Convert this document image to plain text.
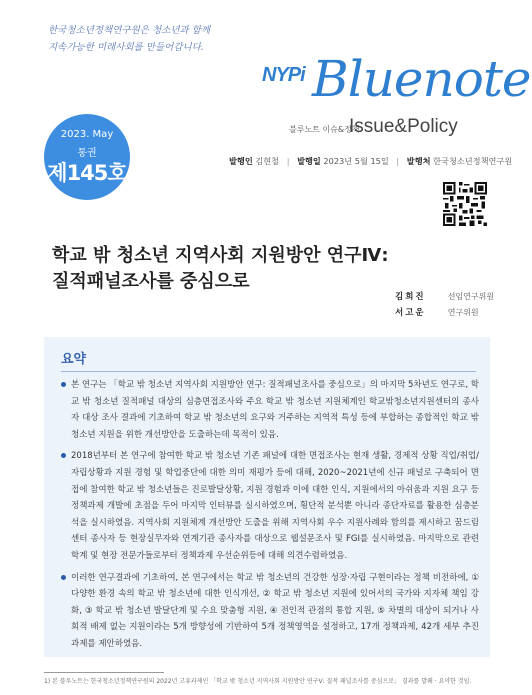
한국청소년정책연구원은 청소년과 함께
지속가능한 미래사회를 만들어갑니다.
NYPi Bluenote
블루노트 이슈&정책
Issue&Policy
2023. May
통권
제145호	발행인 김현철 | 발행일 2023년 5월 15일 | 발행처 한국청소년정책연구원
학교 밖 청소년 지역사회 지원방안 연구Ⅳ:
질적패널조사를 중심으로
김희진	선임연구위원
서고운	연구위원
요약
본 연구는 「학교 밖 청소년 지역사회 지원방안 연구: 질적패널조사를 중심으로」의 마지막 5차년도 연구로, 학교 밖 청소년 질적패널 대상의 심층면접조사와 주요 학교 밖 청소년 지원체계인 학교밖청소년지원센터의 종사자 대상 조사 결과에 기초하여 학교 밖 청소년의 요구와 거주하는 지역적 특성 등에 부합하는 종합적인 학교 밖 청소년 지원을 위한 개선방안을 도출하는데 목적이 있음.
2018년부터 본 연구에 참여한 학교 밖 청소년 기존 패널에 대한 면접조사는 현재 생활, 경제적 상황 직업/취업/자립상황과 지원 경험 및 학업중단에 대한 의미 재평가 등에 대해, 2020~2021년에 신규 패널로 구축되어 면접에 참여한 학교 밖 청소년들은 진로발달상황, 지원 경험과 이에 대한 인식, 지원에서의 아쉬움과 지원 요구 등 정책과제 개발에 초점을 두어 마지막 인터뷰를 실시하였으며, 횡단적 분석뿐 아니라 종단자료를 활용한 심층분석을 실시하였음. 지역사회 지원체계 개선방안 도출을 위해 지역사회 우수 지원사례와 함의를 제시하고 꿈드림센터 종사자 등 현장실무자와 연계기관 종사자를 대상으로 웹설문조사 및 FGI를 실시하였음. 마지막으로 관련 학계 및 현장 전문가들로부터 정책과제 우선순위등에 대해 의견수렴하였음.
이러한 연구결과에 기초하여, 본 연구에서는 학교 밖 청소년의 건강한 성장·자립 구현이라는 정책 비전하에, ① 다양한 환경 속의 학교 밖 청소년에 대한 인식개선, ② 학교 밖 청소년 지원에 있어서의 국가와 지자체 책임 강화, ③ 학교 밖 청소년 발달단계 및 수요 맞춤형 지원, ④ 전인적 관점의 통합 지원, ⑤ 차별의 대상이 되거나 사회적 배제 없는 지원이라는 5개 방향성에 기반하여 5개 정책영역을 설정하고, 17개 정책과제, 42개 세부 추진과제를 제안하였음.
1) 본 블루노트는 한국청소년정책연구원의 2022년 고유과제인 「학교 밖 청소년 지역사회 지원방안 연구Ⅴ: 질적 패널조사를 중심으로」 결과를 발췌 · 요약한 것임.
